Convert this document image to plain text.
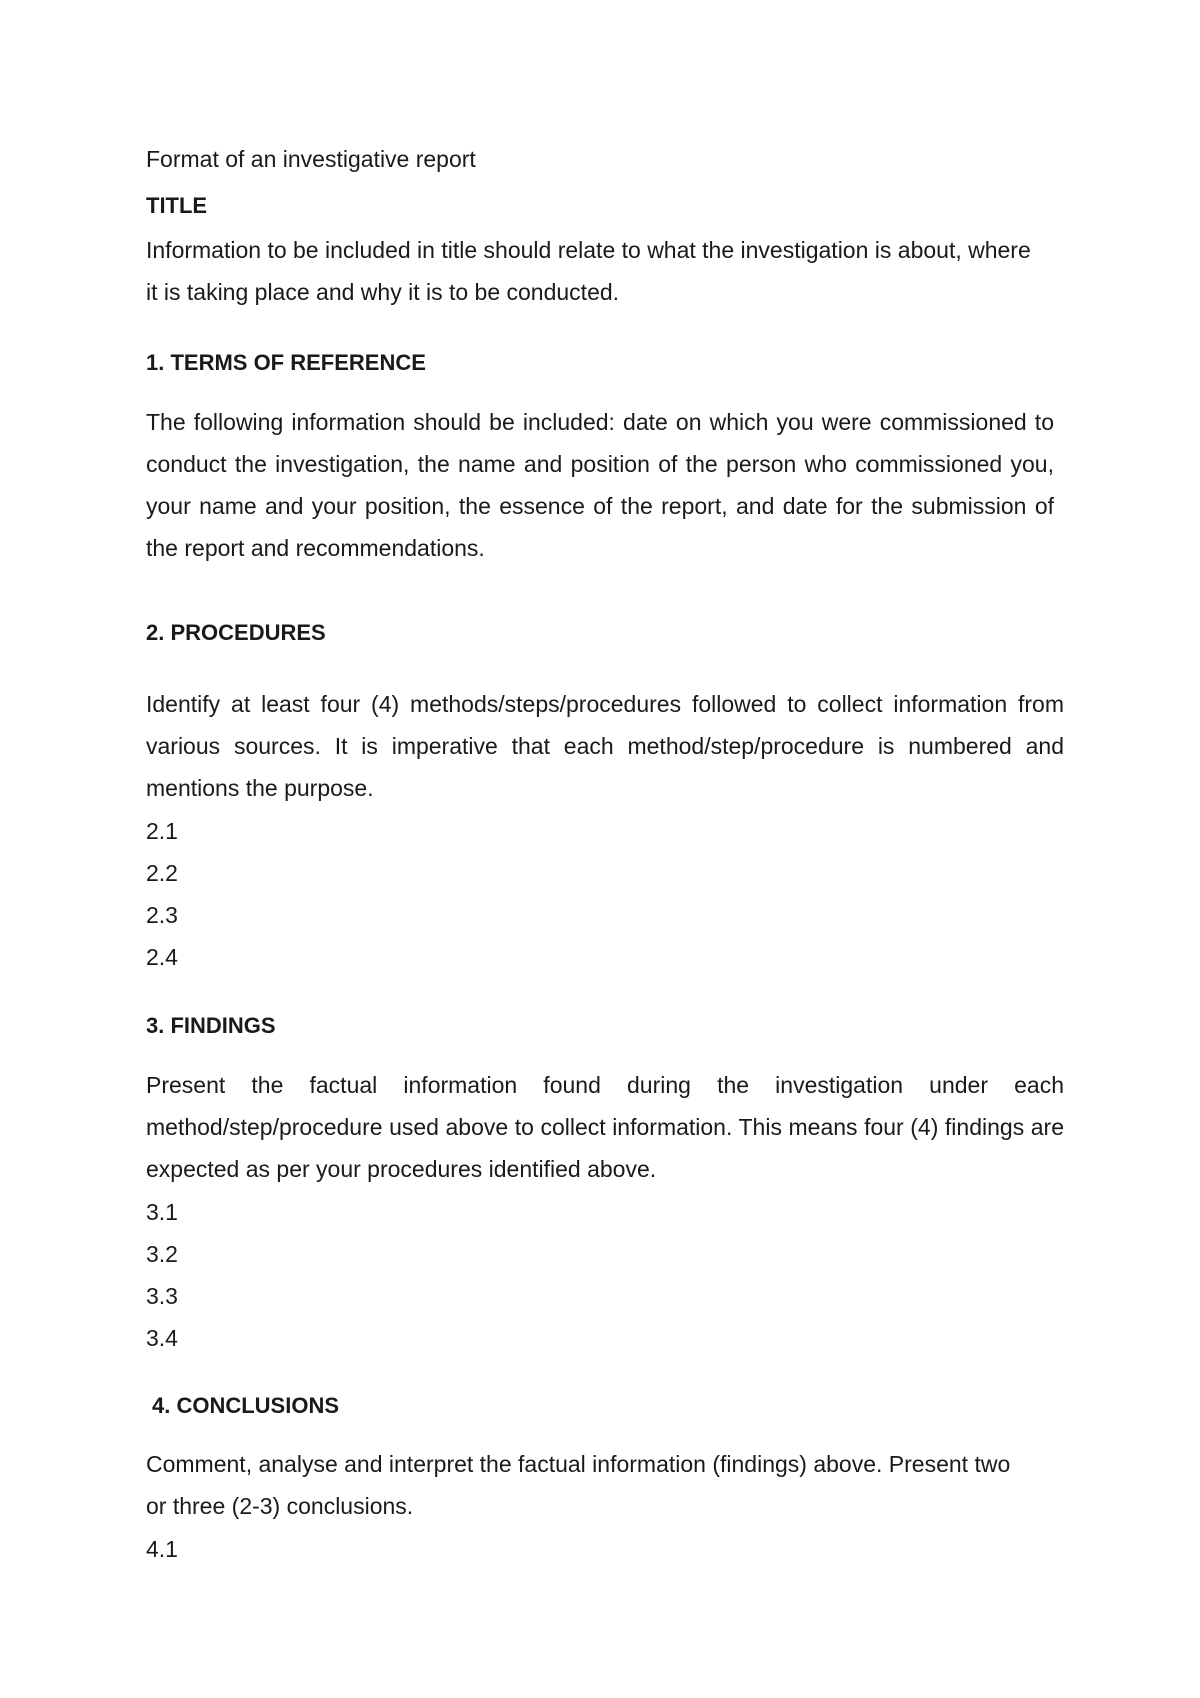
Format of an investigative report

TITLE

Information to be included in title should relate to what the investigation is about, where it is taking place and why it is to be conducted.

1. TERMS OF REFERENCE

The following information should be included: date on which you were commissioned to conduct the investigation, the name and position of the person who commissioned you, your name and your position, the essence of the report, and date for the submission of the report and recommendations.

2. PROCEDURES

Identify at least four (4) methods/steps/procedures followed to collect information from various sources. It is imperative that each method/step/procedure is numbered and mentions the purpose.

2.1

2.2

2.3

2.4

3. FINDINGS

Present the factual information found during the investigation under each method/step/procedure used above to collect information. This means four (4) findings are expected as per your procedures identified above.

3.1

3.2

3.3

3.4

4. CONCLUSIONS

Comment, analyse and interpret the factual information (findings) above. Present two or three (2-3) conclusions.

4.1
